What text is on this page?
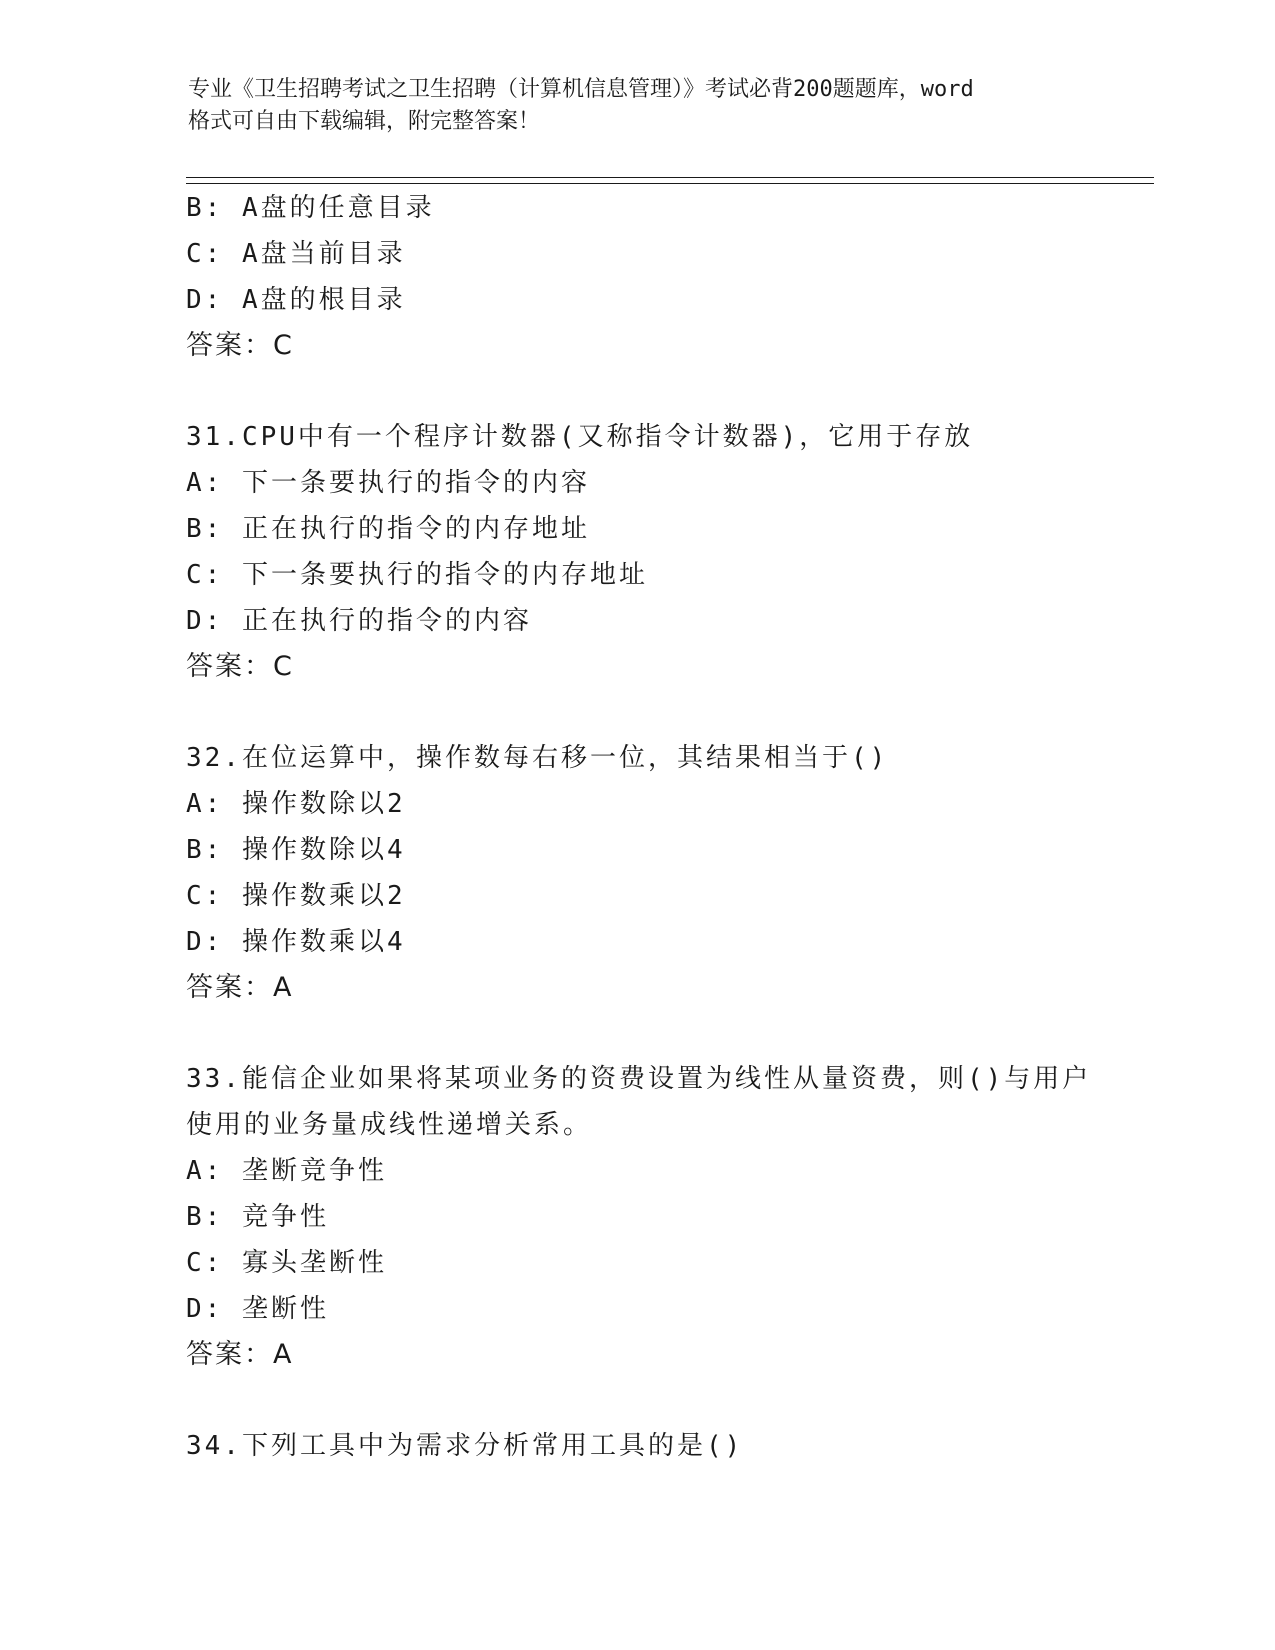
专业《卫生招聘考试之卫生招聘（计算机信息管理）》考试必背200题题库，word
格式可自由下载编辑，附完整答案！
B: A盘的任意目录
C: A盘当前目录
D: A盘的根目录
答案：C
31.CPU中有一个程序计数器(又称指令计数器)，它用于存放
A: 下一条要执行的指令的内容
B: 正在执行的指令的内存地址
C: 下一条要执行的指令的内存地址
D: 正在执行的指令的内容
答案：C
32.在位运算中，操作数每右移一位，其结果相当于()
A: 操作数除以2
B: 操作数除以4
C: 操作数乘以2
D: 操作数乘以4
答案：A
33.能信企业如果将某项业务的资费设置为线性从量资费，则()与用户
使用的业务量成线性递增关系。
A: 垄断竞争性
B: 竞争性
C: 寡头垄断性
D: 垄断性
答案：A
34.下列工具中为需求分析常用工具的是()
